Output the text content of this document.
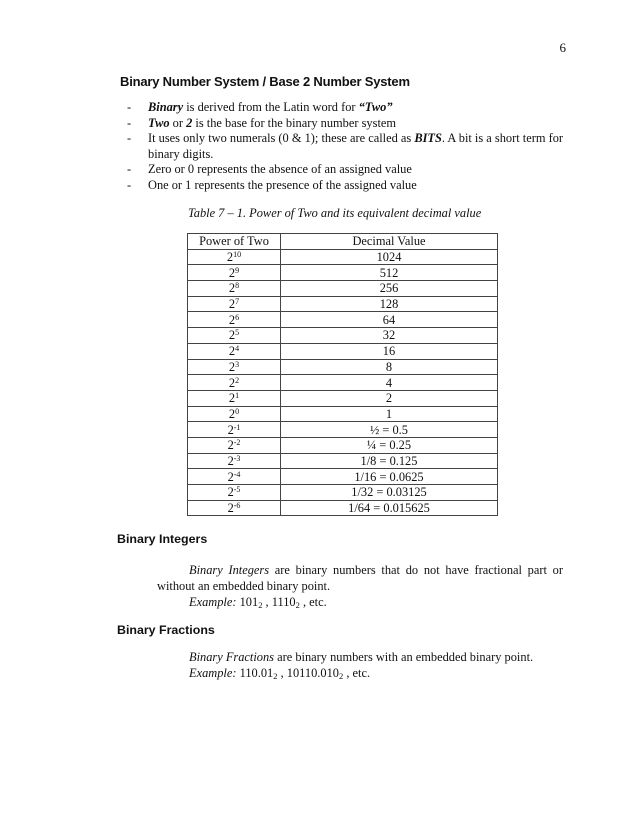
6
Binary Number System / Base 2 Number System
- Binary is derived from the Latin word for “Two”
- Two or 2 is the base for the binary number system
- It uses only two numerals (0 & 1); these are called as BITS. A bit is a short term for binary digits.
- Zero or 0 represents the absence of an assigned value
- One or 1 represents the presence of the assigned value
Table 7 – 1. Power of Two and its equivalent decimal value
Power of Two	Decimal Value
$2^{10}$	1024
$2^9$	512
$2^8$	256
$2^7$	128
$2^6$	64
$2^5$	32
$2^4$	16
$2^3$	8
$2^2$	4
$2^1$	2
$2^0$	1
$2^{-1}$	½ = 0.5
$2^{-2}$	¼ = 0.25
$2^{-3}$	1/8 = 0.125
$2^{-4}$	1/16 = 0.0625
$2^{-5}$	1/32 = 0.03125
$2^{-6}$	1/64 = 0.015625
Binary Integers
Binary Integers are binary numbers that do not have fractional part or without an embedded binary point.
Example: $101_2$ , $1110_2$ , etc.
Binary Fractions
Binary Fractions are binary numbers with an embedded binary point.
Example: $110.01_2$ , $10110.010_2$ , etc.
